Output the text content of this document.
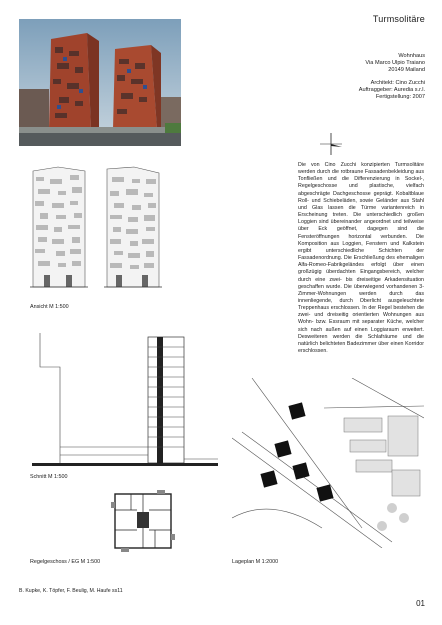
Turmsolitäre
Wohnhaus
Via Marco Ulpio Traiano
20149 Mailand
Architekt: Cino Zucchi
Auftraggeber: Auredia s.r.l.
Fertigstellung: 2007
Die von Cino Zucchi konzipierten Turmsolitäre werden durch die rotbraune Fassadenbekleidung aus Tonfließen und die Differenzierung in Sockel-, Regelgeschosse und plastische, vielfach abgeschrägte Dachgeschosse geprägt. Kobaltblaue Roll- und Schiebeläden, sowie Geländer aus Stahl und Glas lassen die Türme variantenreich in Erscheinung treten. Die unterschiedlich großen Loggien sind übereinander angeordnet und teilweise über Eck geöffnet, dagegen sind die Fensteröffnungen horizontal verbunden. Die Komposition aus Loggien, Fenstern und Kalkstein ergibt unterschiedliche Schichten der Fassadenordnung. Die Erschließung des ehemaligen Alfa-Romeo-Fabrikgeländes erfolgt über einen großzügig überdachten Eingangsbereich, welcher durch eine zwei- bis dreiseitige Arkadensituation geschaffen wurde. Die überwiegend vorhandenen 3-Zimmer-Wohnungen werden durch das innenliegende, durch Oberlicht ausgeleuchtete Treppenhaus erschlossen. In der Regel bestehen die zwei- und dreiseitig orientierten Wohnungen aus Wohn- bzw. Essraum mit separater Küche, welcher sich nach außen auf einen Loggiaraum erweitert. Desweiteren werden die Schlafräume und die natürlich belichteten Badezimmer über einen Korridor erschlossen.
Ansicht M 1:500
Schnitt M 1:500
Regelgeschoss / EG M 1:500	Lageplan M 1:2000
B. Kupke, K. Töpfer, F. Beulig, M. Haufe ss11
01
